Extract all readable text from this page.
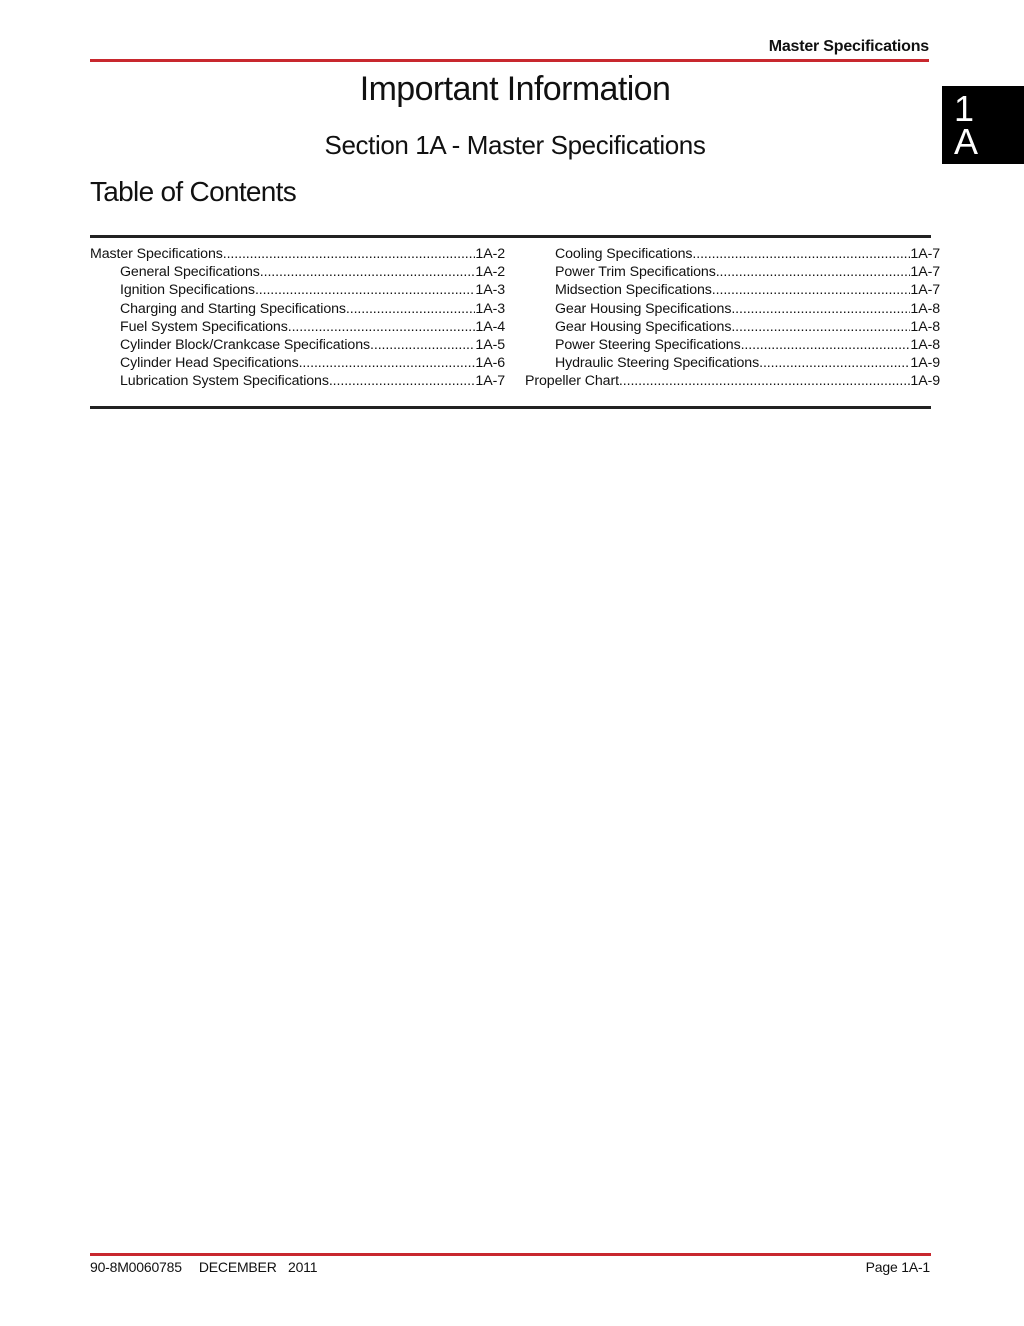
Master Specifications
1
A
Important Information
Section 1A - Master Specifications
Table of Contents
Master Specifications .....	1A-2
General Specifications .....	1A-2
Ignition Specifications .....	1A-3
Charging and Starting Specifications .....	1A-3
Fuel System Specifications .....	1A-4
Cylinder Block/Crankcase Specifications .....	1A-5
Cylinder Head Specifications .....	1A-6
Lubrication System Specifications .....	1A-7
Cooling Specifications .....	1A-7
Power Trim Specifications .....	1A-7
Midsection Specifications .....	1A-7
Gear Housing Specifications .....	1A-8
Gear Housing Specifications .....	1A-8
Power Steering Specifications .....	1A-8
Hydraulic Steering Specifications .....	1A-9
Propeller Chart .....	1A-9
90-8M0060785   DECEMBER  2011	Page 1A-1
